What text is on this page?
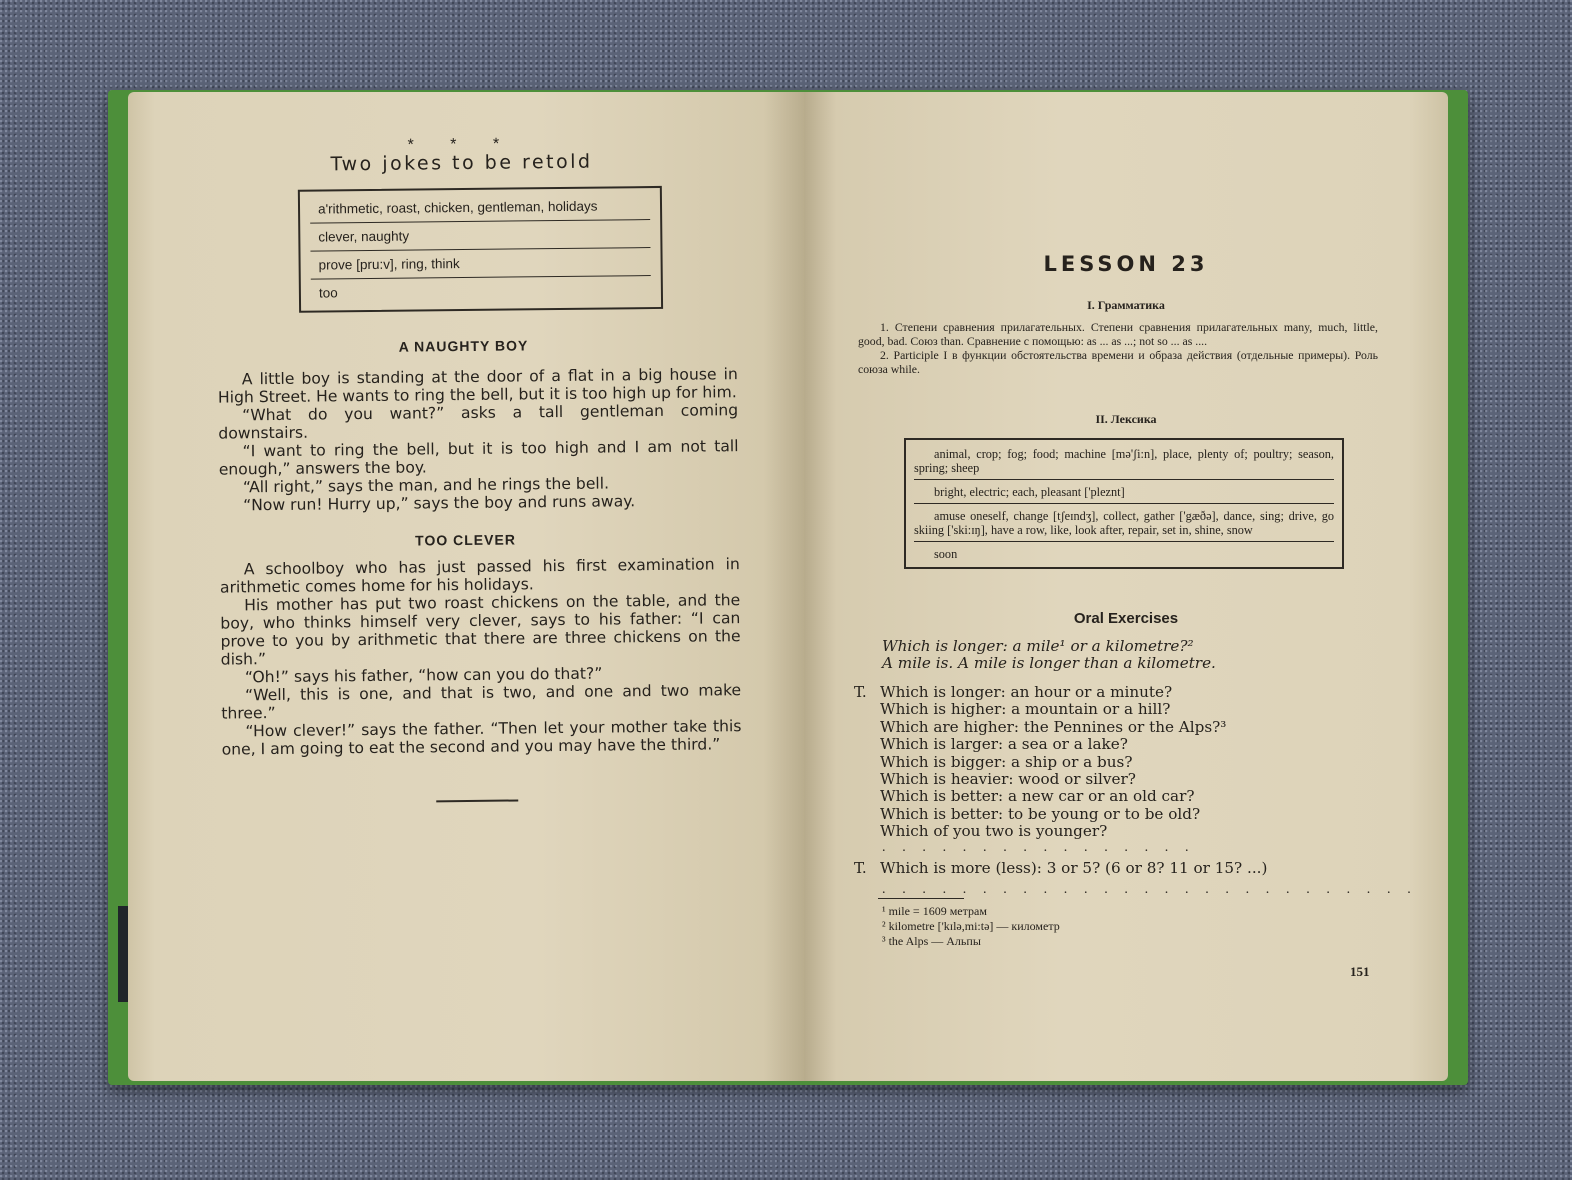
* * *
Two jokes to be retold
a'rithmetic, roast, chicken, gentleman, holidays
clever, naughty
prove [pru:v], ring, think
too
A NAUGHTY BOY

A little boy is standing at the door of a flat in a big house in High Street. He wants to ring the bell, but it is too high up for him.

“What do you want?” asks a tall gentleman coming downstairs.

“I want to ring the bell, but it is too high and I am not tall enough,” answers the boy.

“All right,” says the man, and he rings the bell.

“Now run! Hurry up,” says the boy and runs away.

TOO CLEVER

A schoolboy who has just passed his first examination in arithmetic comes home for his holidays.

His mother has put two roast chickens on the table, and the boy, who thinks himself very clever, says to his father: “I can prove to you by arithmetic that there are three chickens on the dish.”

“Oh!” says his father, “how can you do that?”

“Well, this is one, and that is two, and one and two make three.”

“How clever!” says the father. “Then let your mother take this one, I am going to eat the second and you may have the third.”

LESSON 23
I. Грамматика

1. Степени сравнения прилагательных. Степени сравнения прилагательных many, much, little, good, bad. Союз than. Сравнение с помощью: as ... as ...; not so ... as ....

2. Participle I в функции обстоятельства времени и образа действия (отдельные примеры). Роль союза while.

II. Лексика
animal, crop; fog; food; machine [mə'ʃi:n], place, plenty of; poultry; season, spring; sheep
bright, electric; each, pleasant ['pleznt]
amuse oneself, change [tʃeɪndʒ], collect, gather ['gæðə], dance, sing; drive, go skiing ['ski:ɪŋ], have a row, like, look after, repair, set in, shine, snow
soon
Oral Exercises
Which is longer: a mile¹ or a kilometre?²
A mile is. A mile is longer than a kilometre.
T. Which is longer: an hour or a minute?
Which is higher: a mountain or a hill?
Which are higher: the Pennines or the Alps?³
Which is larger: a sea or a lake?
Which is bigger: a ship or a bus?
Which is heavier: wood or silver?
Which is better: a new car or an old car?
Which is better: to be young or to be old?
Which of you two is younger?
. . . . . . . . . . . . . . . .
T. Which is more (less): 3 or 5? (6 or 8? 11 or 15? ...)
. . . . . . . . . . . . . . . . . . . . . . . . . . .
¹ mile = 1609 метрам
² kilometre ['kɪlə,mi:tə] — километр
³ the Alps — Альпы
151
